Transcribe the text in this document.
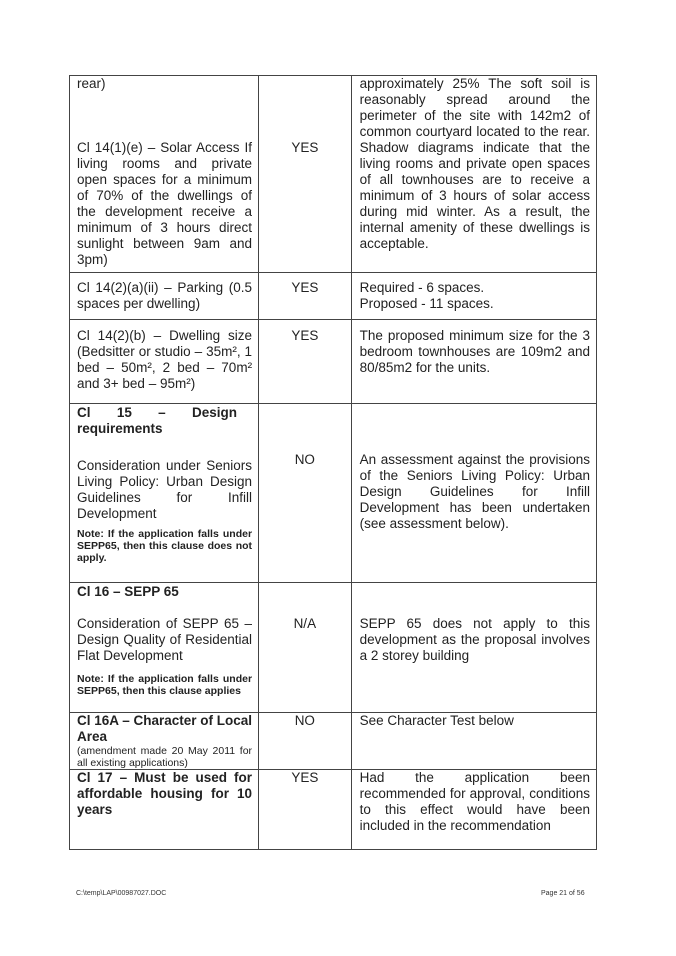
rear)
Cl 14(1)(e) – Solar Access If living rooms and private open spaces for a minimum of 70% of the dwellings of the development receive a minimum of 3 hours direct sunlight between 9am and 3pm)	YES	approximately 25% The soft soil is reasonably spread around the perimeter of the site with 142m2 of common courtyard located to the rear. Shadow diagrams indicate that the living rooms and private open spaces of all townhouses are to receive a minimum of 3 hours of solar access during mid winter. As a result, the internal amenity of these dwellings is acceptable.

Cl 14(2)(a)(ii) – Parking (0.5 spaces per dwelling)	YES	Required - 6 spaces.
Proposed - 11 spaces.

Cl 14(2)(b) – Dwelling size (Bedsitter or studio – 35m², 1 bed – 50m², 2 bed – 70m² and 3+ bed – 95m²)	YES	The proposed minimum size for the 3 bedroom townhouses are 109m2 and 80/85m2 for the units.

Cl 15 – Design requirements
Consideration under Seniors Living Policy: Urban Design Guidelines for Infill Development
Note: If the application falls under SEPP65, then this clause does not apply.	NO	An assessment against the provisions of the Seniors Living Policy: Urban Design Guidelines for Infill Development has been undertaken (see assessment below).

Cl 16 – SEPP 65
Consideration of SEPP 65 – Design Quality of Residential Flat Development
Note: If the application falls under SEPP65, then this clause applies	N/A	SEPP 65 does not apply to this development as the proposal involves a 2 storey building

Cl 16A – Character of Local Area
(amendment made 20 May 2011 for all existing applications)	NO	See Character Test below

Cl 17 – Must be used for affordable housing for 10 years	YES	Had the application been recommended for approval, conditions to this effect would have been included in the recommendation
C:\temp\LAP\00987027.DOC	Page 21 of 56
